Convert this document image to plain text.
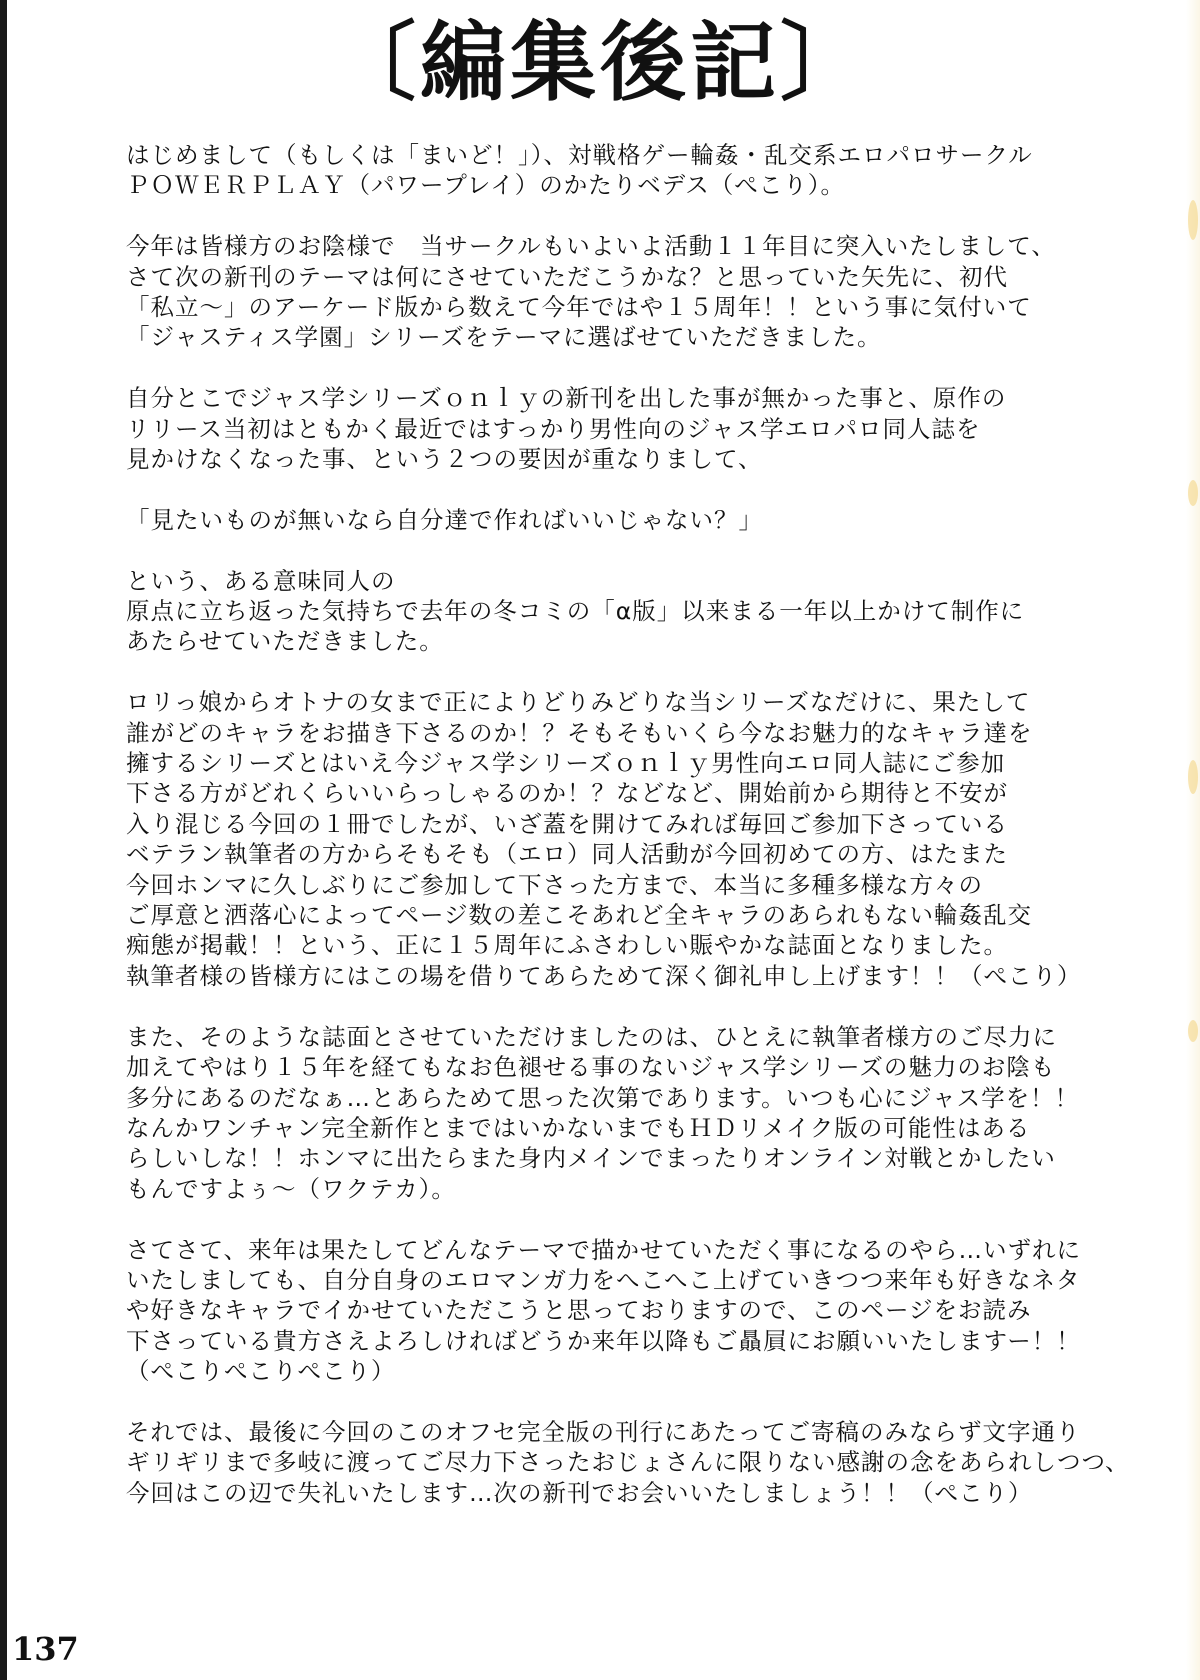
〔編集後記〕

はじめまして（もしくは「まいど！」）、対戦格ゲー輪姦・乱交系エロパロサークル
ＰＯＷＥＲＰＬＡＹ（パワープレイ）のかたりベデス（ぺこり）。

今年は皆様方のお陰様で　当サークルもいよいよ活動１１年目に突入いたしまして、
さて次の新刊のテーマは何にさせていただこうかな？と思っていた矢先に、初代
「私立～」のアーケード版から数えて今年ではや１５周年！！という事に気付いて
「ジャスティス学園」シリーズをテーマに選ばせていただきました。

自分とこでジャス学シリーズｏｎｌｙの新刊を出した事が無かった事と、原作の
リリース当初はともかく最近ではすっかり男性向のジャス学エロパロ同人誌を
見かけなくなった事、という２つの要因が重なりまして、

「見たいものが無いなら自分達で作ればいいじゃない？」

という、ある意味同人の
原点に立ち返った気持ちで去年の冬コミの「α版」以来まる一年以上かけて制作に
あたらせていただきました。

ロリっ娘からオトナの女まで正によりどりみどりな当シリーズなだけに、果たして
誰がどのキャラをお描き下さるのか！？そもそもいくら今なお魅力的なキャラ達を
擁するシリーズとはいえ今ジャス学シリーズｏｎｌｙ男性向エロ同人誌にご参加
下さる方がどれくらいいらっしゃるのか！？などなど、開始前から期待と不安が
入り混じる今回の１冊でしたが、いざ蓋を開けてみれば毎回ご参加下さっている
ベテラン執筆者の方からそもそも（エロ）同人活動が今回初めての方、はたまた
今回ホンマに久しぶりにご参加して下さった方まで、本当に多種多様な方々の
ご厚意と洒落心によってページ数の差こそあれど全キャラのあられもない輪姦乱交
痴態が掲載！！という、正に１５周年にふさわしい賑やかな誌面となりました。
執筆者様の皆様方にはこの場を借りてあらためて深く御礼申し上げます！！（ぺこり）

また、そのような誌面とさせていただけましたのは、ひとえに執筆者様方のご尽力に
加えてやはり１５年を経てもなお色褪せる事のないジャス学シリーズの魅力のお陰も
多分にあるのだなぁ…とあらためて思った次第であります。いつも心にジャス学を！！
なんかワンチャン完全新作とまではいかないまでもＨＤリメイク版の可能性はある
らしいしな！！ホンマに出たらまた身内メインでまったりオンライン対戦とかしたい
もんですよぅ～（ワクテカ）。

さてさて、来年は果たしてどんなテーマで描かせていただく事になるのやら…いずれに
いたしましても、自分自身のエロマンガ力をへこへこ上げていきつつ来年も好きなネタ
や好きなキャラでイかせていただこうと思っておりますので、このページをお読み
下さっている貴方さえよろしければどうか来年以降もご贔屓にお願いいたしますー！！
（ぺこりぺこりぺこり）

それでは、最後に今回のこのオフセ完全版の刊行にあたってご寄稿のみならず文字通り
ギリギリまで多岐に渡ってご尽力下さったおじょさんに限りない感謝の念をあられしつつ、
今回はこの辺で失礼いたします…次の新刊でお会いいたしましょう！！（ぺこり）

137
